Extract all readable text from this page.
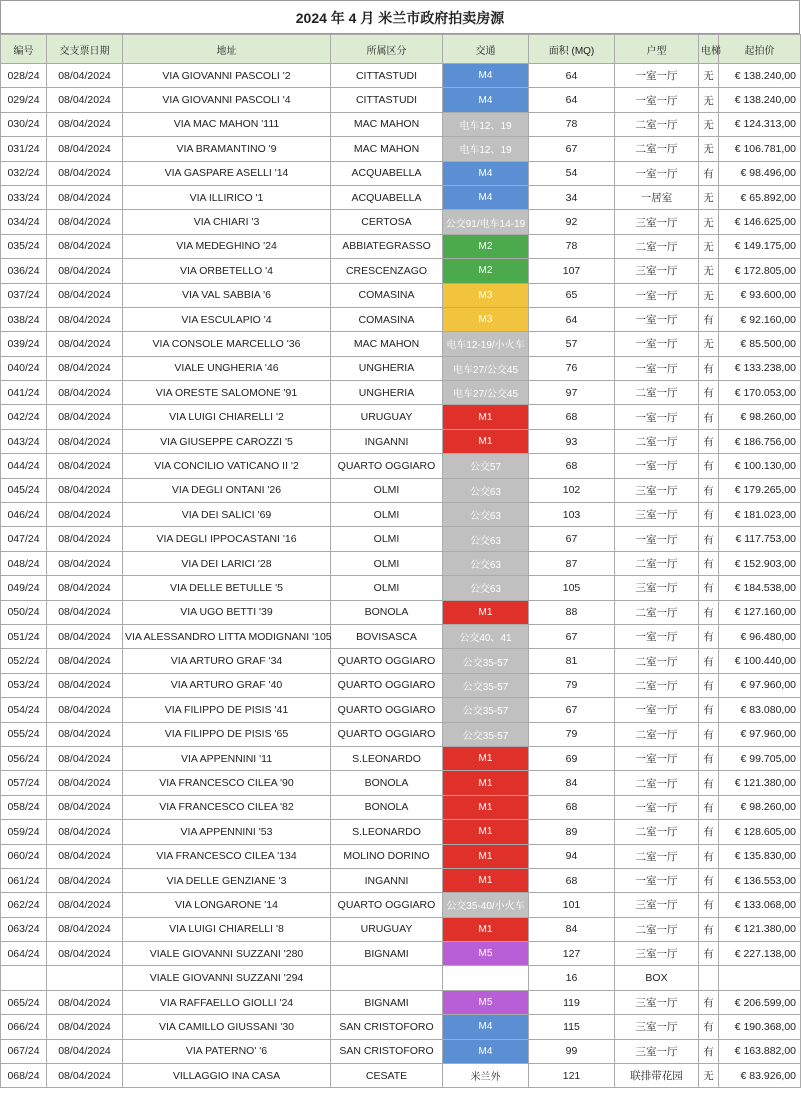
2024 年 4 月 米兰市政府拍卖房源
编号	交支票日期	地址	所属区分	交通	面积 (MQ)	户型	电梯	起拍价
028/24	08/04/2024	VIA GIOVANNI PASCOLI '2	CITTASTUDI	M4	64	一室一厅	无	€ 138.240,00
029/24	08/04/2024	VIA GIOVANNI PASCOLI '4	CITTASTUDI	M4	64	一室一厅	无	€ 138.240,00
030/24	08/04/2024	VIA MAC MAHON '111	MAC MAHON	电车12、19	78	二室一厅	无	€ 124.313,00
031/24	08/04/2024	VIA BRAMANTINO '9	MAC MAHON	电车12、19	67	二室一厅	无	€ 106.781,00
032/24	08/04/2024	VIA GASPARE ASELLI '14	ACQUABELLA	M4	54	一室一厅	有	€ 98.496,00
033/24	08/04/2024	VIA ILLIRICO '1	ACQUABELLA	M4	34	一居室	无	€ 65.892,00
034/24	08/04/2024	VIA CHIARI '3	CERTOSA	公交91/电车14-19	92	三室一厅	无	€ 146.625,00
035/24	08/04/2024	VIA MEDEGHINO '24	ABBIATEGRASSO	M2	78	二室一厅	无	€ 149.175,00
036/24	08/04/2024	VIA ORBETELLO '4	CRESCENZAGO	M2	107	三室一厅	无	€ 172.805,00
037/24	08/04/2024	VIA VAL SABBIA '6	COMASINA	M3	65	一室一厅	无	€ 93.600,00
038/24	08/04/2024	VIA ESCULAPIO '4	COMASINA	M3	64	一室一厅	有	€ 92.160,00
039/24	08/04/2024	VIA CONSOLE MARCELLO '36	MAC MAHON	电车12-19/小火车	57	一室一厅	无	€ 85.500,00
040/24	08/04/2024	VIALE UNGHERIA '46	UNGHERIA	电车27/公交45	76	一室一厅	有	€ 133.238,00
041/24	08/04/2024	VIA ORESTE SALOMONE '91	UNGHERIA	电车27/公交45	97	二室一厅	有	€ 170.053,00
042/24	08/04/2024	VIA LUIGI CHIARELLI '2	URUGUAY	M1	68	一室一厅	有	€ 98.260,00
043/24	08/04/2024	VIA GIUSEPPE CAROZZI '5	INGANNI	M1	93	二室一厅	有	€ 186.756,00
044/24	08/04/2024	VIA CONCILIO VATICANO II '2	QUARTO OGGIARO	公交57	68	一室一厅	有	€ 100.130,00
045/24	08/04/2024	VIA DEGLI ONTANI '26	OLMI	公交63	102	三室一厅	有	€ 179.265,00
046/24	08/04/2024	VIA DEI SALICI '69	OLMI	公交63	103	三室一厅	有	€ 181.023,00
047/24	08/04/2024	VIA DEGLI IPPOCASTANI '16	OLMI	公交63	67	一室一厅	有	€ 117.753,00
048/24	08/04/2024	VIA DEI LARICI '28	OLMI	公交63	87	二室一厅	有	€ 152.903,00
049/24	08/04/2024	VIA DELLE BETULLE '5	OLMI	公交63	105	三室一厅	有	€ 184.538,00
050/24	08/04/2024	VIA UGO BETTI '39	BONOLA	M1	88	二室一厅	有	€ 127.160,00
051/24	08/04/2024	VIA ALESSANDRO LITTA MODIGNANI '105	BOVISASCA	公交40、41	67	一室一厅	有	€ 96.480,00
052/24	08/04/2024	VIA ARTURO GRAF '34	QUARTO OGGIARO	公交35-57	81	二室一厅	有	€ 100.440,00
053/24	08/04/2024	VIA ARTURO GRAF '40	QUARTO OGGIARO	公交35-57	79	二室一厅	有	€ 97.960,00
054/24	08/04/2024	VIA FILIPPO DE PISIS '41	QUARTO OGGIARO	公交35-57	67	一室一厅	有	€ 83.080,00
055/24	08/04/2024	VIA FILIPPO DE PISIS '65	QUARTO OGGIARO	公交35-57	79	二室一厅	有	€ 97.960,00
056/24	08/04/2024	VIA APPENNINI '11	S.LEONARDO	M1	69	一室一厅	有	€ 99.705,00
057/24	08/04/2024	VIA FRANCESCO CILEA '90	BONOLA	M1	84	二室一厅	有	€ 121.380,00
058/24	08/04/2024	VIA FRANCESCO CILEA '82	BONOLA	M1	68	一室一厅	有	€ 98.260,00
059/24	08/04/2024	VIA APPENNINI '53	S.LEONARDO	M1	89	二室一厅	有	€ 128.605,00
060/24	08/04/2024	VIA FRANCESCO CILEA '134	MOLINO DORINO	M1	94	二室一厅	有	€ 135.830,00
061/24	08/04/2024	VIA DELLE GENZIANE '3	INGANNI	M1	68	一室一厅	有	€ 136.553,00
062/24	08/04/2024	VIA LONGARONE '14	QUARTO OGGIARO	公交35-40/小火车	101	三室一厅	有	€ 133.068,00
063/24	08/04/2024	VIA LUIGI CHIARELLI '8	URUGUAY	M1	84	二室一厅	有	€ 121.380,00
064/24	08/04/2024	VIALE GIOVANNI SUZZANI '280	BIGNAMI	M5	127	三室一厅	有	€ 227.138,00
		VIALE GIOVANNI SUZZANI '294			16	BOX		
065/24	08/04/2024	VIA RAFFAELLO GIOLLI '24	BIGNAMI	M5	119	三室一厅	有	€ 206.599,00
066/24	08/04/2024	VIA CAMILLO GIUSSANI '30	SAN CRISTOFORO	M4	115	三室一厅	有	€ 190.368,00
067/24	08/04/2024	VIA PATERNO' '6	SAN CRISTOFORO	M4	99	三室一厅	有	€ 163.882,00
068/24	08/04/2024	VILLAGGIO INA CASA	CESATE	米兰外	121	联排带花园	无	€ 83.926,00
